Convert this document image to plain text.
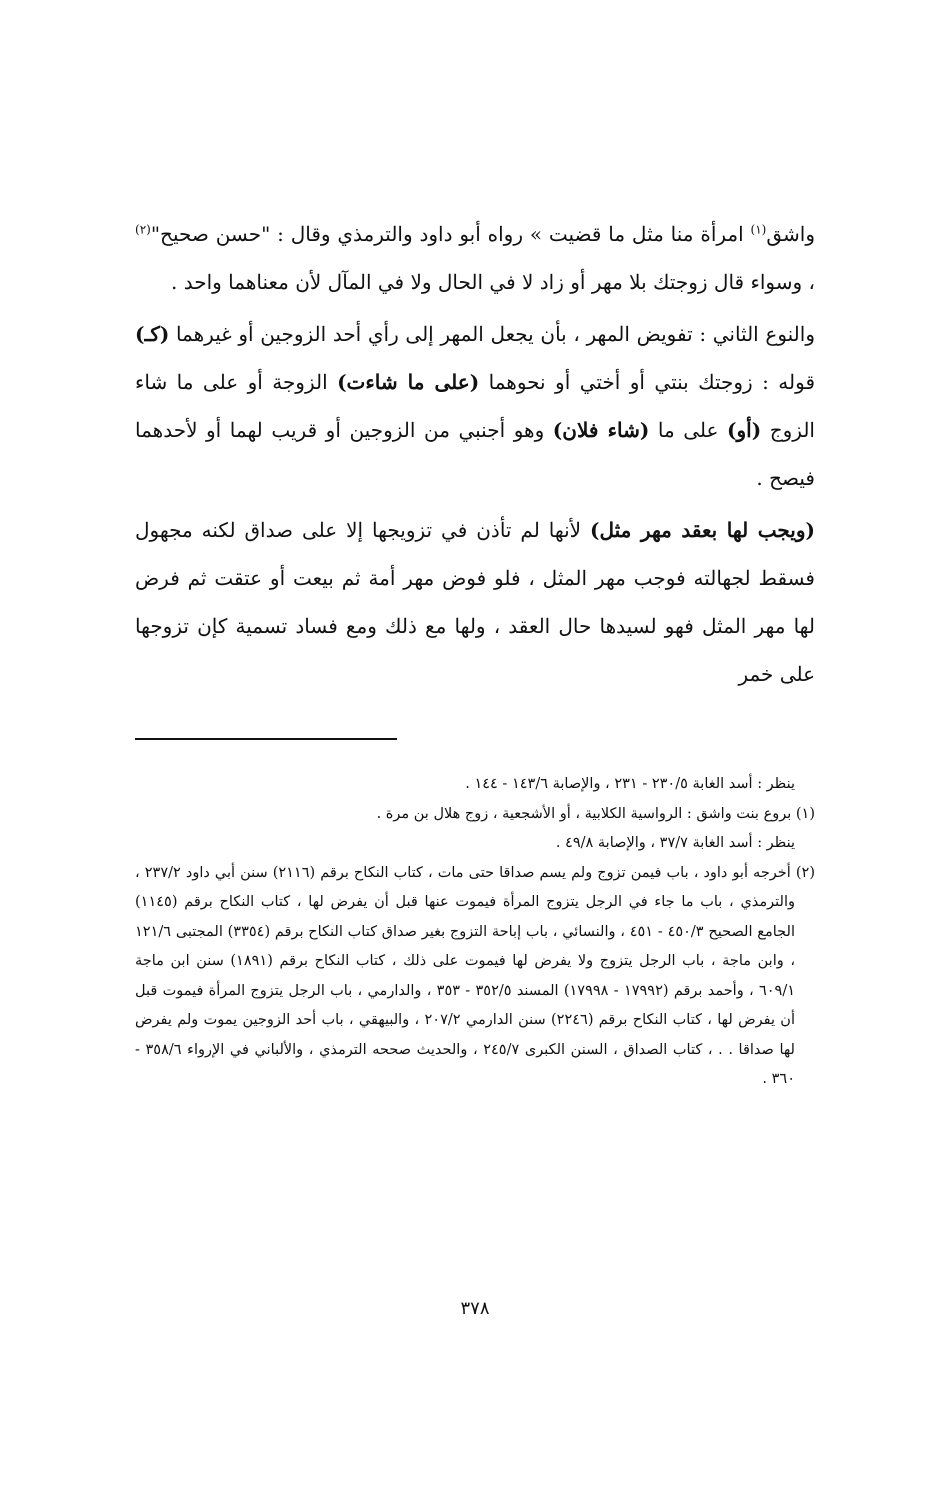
واشق$^{(١)}$ امرأة منا مثل ما قضيت » رواه أبو داود والترمذي وقال : "حسن صحيح"$^{(٢)}$ ، وسواء قال زوجتك بلا مهر أو زاد لا في الحال ولا في المآل لأن معناهما واحد .

والنوع الثاني : تفويض المهر ، بأن يجعل المهر إلى رأي أحد الزوجين أو غيرهما (كـ) قوله : زوجتك بنتي أو أختي أو نحوهما (على ما شاءت) الزوجة أو على ما شاء الزوج (أو) على ما (شاء فلان) وهو أجنبي من الزوجين أو قريب لهما أو لأحدهما فيصح .

(ويجب لها بعقد مهر مثل) لأنها لم تأذن في تزويجها إلا على صداق لكنه مجهول فسقط لجهالته فوجب مهر المثل ، فلو فوض مهر أمة ثم بيعت أو عتقت ثم فرض لها مهر المثل فهو لسيدها حال العقد ، ولها مع ذلك ومع فساد تسمية كإن تزوجها على خمر

ينظر : أسد الغابة ٢٣٠/٥ - ٢٣١ ، والإصابة ١٤٣/٦ - ١٤٤ .

(١) بروع بنت واشق : الرواسية الكلابية ، أو الأشجعية ، زوج هلال بن مرة .

ينظر : أسد الغابة ٣٧/٧ ، والإصابة ٤٩/٨ .

(٢) أخرجه أبو داود ، باب فيمن تزوج ولم يسم صداقا حتى مات ، كتاب النكاح برقم (٢١١٦) سنن أبي داود ٢٣٧/٢ ، والترمذي ، باب ما جاء في الرجل يتزوج المرأة فيموت عنها قبل أن يفرض لها ، كتاب النكاح برقم (١١٤٥) الجامع الصحيح ٤٥٠/٣ - ٤٥١ ، والنسائي ، باب إباحة التزوج بغير صداق كتاب النكاح برقم (٣٣٥٤) المجتبى ١٢١/٦ ، وابن ماجة ، باب الرجل يتزوج ولا يفرض لها فيموت على ذلك ، كتاب النكاح برقم (١٨٩١) سنن ابن ماجة ٦٠٩/١ ، وأحمد برقم (١٧٩٩٢ - ١٧٩٩٨) المسند ٣٥٢/٥ - ٣٥٣ ، والدارمي ، باب الرجل يتزوج المرأة فيموت قبل أن يفرض لها ، كتاب النكاح برقم (٢٢٤٦) سنن الدارمي ٢٠٧/٢ ، والبيهقي ، باب أحد الزوجين يموت ولم يفرض لها صداقا . . ، كتاب الصداق ، السنن الكبرى ٢٤٥/٧ ، والحديث صححه الترمذي ، والألباني في الإرواء ٣٥٨/٦ - ٣٦٠ .

٣٧٨
